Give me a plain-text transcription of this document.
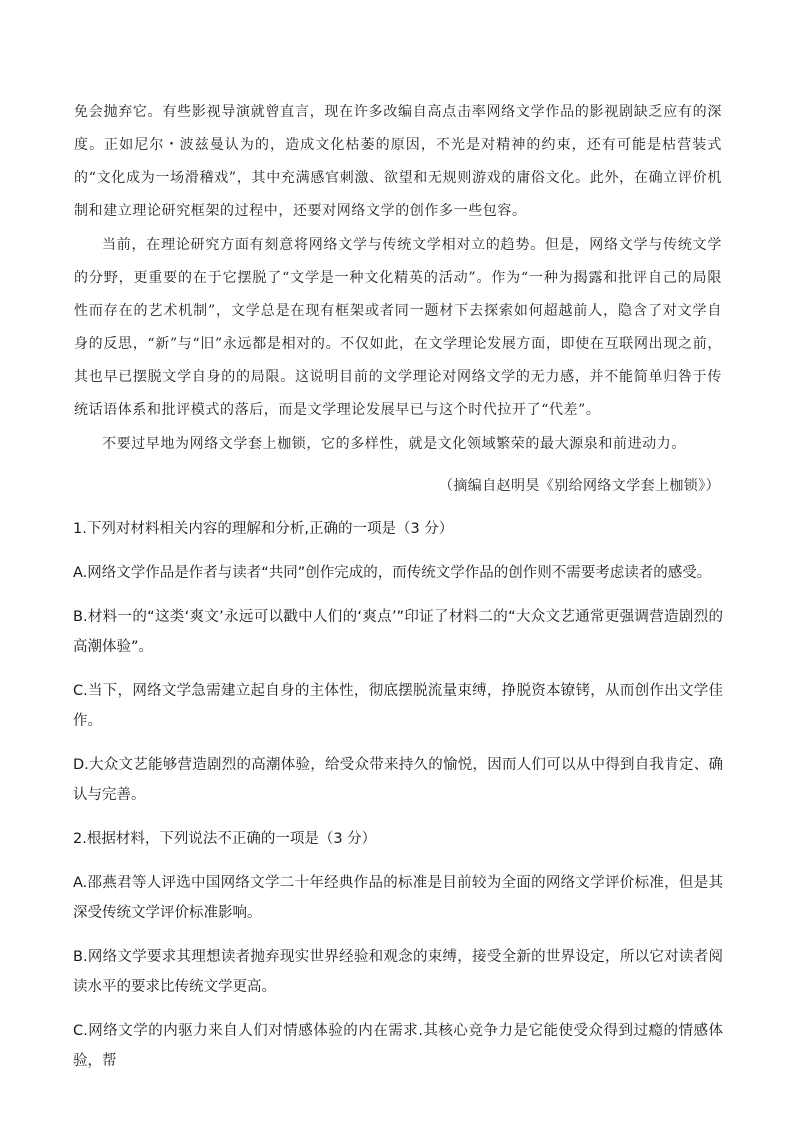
免会抛弃它。有些影视导演就曾直言，现在许多改编自高点击率网络文学作品的影视剧缺乏应有的深度。正如尼尔・波兹曼认为的，造成文化枯萎的原因，不光是对精神的约束，还有可能是枯营装式的“文化成为一场滑稽戏”，其中充满感官刺激、欲望和无规则游戏的庸俗文化。此外，在确立评价机制和建立理论研究框架的过程中，还要对网络文学的创作多一些包容。

当前，在理论研究方面有刻意将网络文学与传统文学相对立的趋势。但是，网络文学与传统文学的分野，更重要的在于它摆脱了“文学是一种文化精英的活动”。作为“一种为揭露和批评自己的局限性而存在的艺术机制”，文学总是在现有框架或者同一题材下去探索如何超越前人，隐含了对文学自身的反思，“新”与“旧”永远都是相对的。不仅如此，在文学理论发展方面，即使在互联网出现之前，其也早已摆脱文学自身的的局限。这说明目前的文学理论对网络文学的无力感，并不能简单归咎于传统话语体系和批评模式的落后，而是文学理论发展早已与这个时代拉开了“代差”。

不要过早地为网络文学套上枷锁，它的多样性，就是文化领域繁荣的最大源泉和前进动力。

（摘编自赵明昊《别给网络文学套上枷锁》）

1.下列对材料相关内容的理解和分析,正确的一项是（3 分）

A.网络文学作品是作者与读者“共同”创作完成的，而传统文学作品的创作则不需要考虑读者的感受。

B.材料一的“这类‘爽文’永远可以戳中人们的‘爽点’”印证了材料二的“大众文艺通常更强调营造剧烈的高潮体验”。

C.当下，网络文学急需建立起自身的主体性，彻底摆脱流量束缚，挣脱资本镣铐，从而创作出文学佳作。

D.大众文艺能够营造剧烈的高潮体验，给受众带来持久的愉悦，因而人们可以从中得到自我肯定、确认与完善。

2.根据材料，下列说法不正确的一项是（3 分）

A.邵燕君等人评选中国网络文学二十年经典作品的标准是目前较为全面的网络文学评价标准，但是其深受传统文学评价标准影响。

B.网络文学要求其理想读者抛弃现实世界经验和观念的束缚，接受全新的世界设定，所以它对读者阅读水平的要求比传统文学更高。

C.网络文学的内驱力来自人们对情感体验的内在需求.其核心竞争力是它能使受众得到过瘾的情感体验，帮
